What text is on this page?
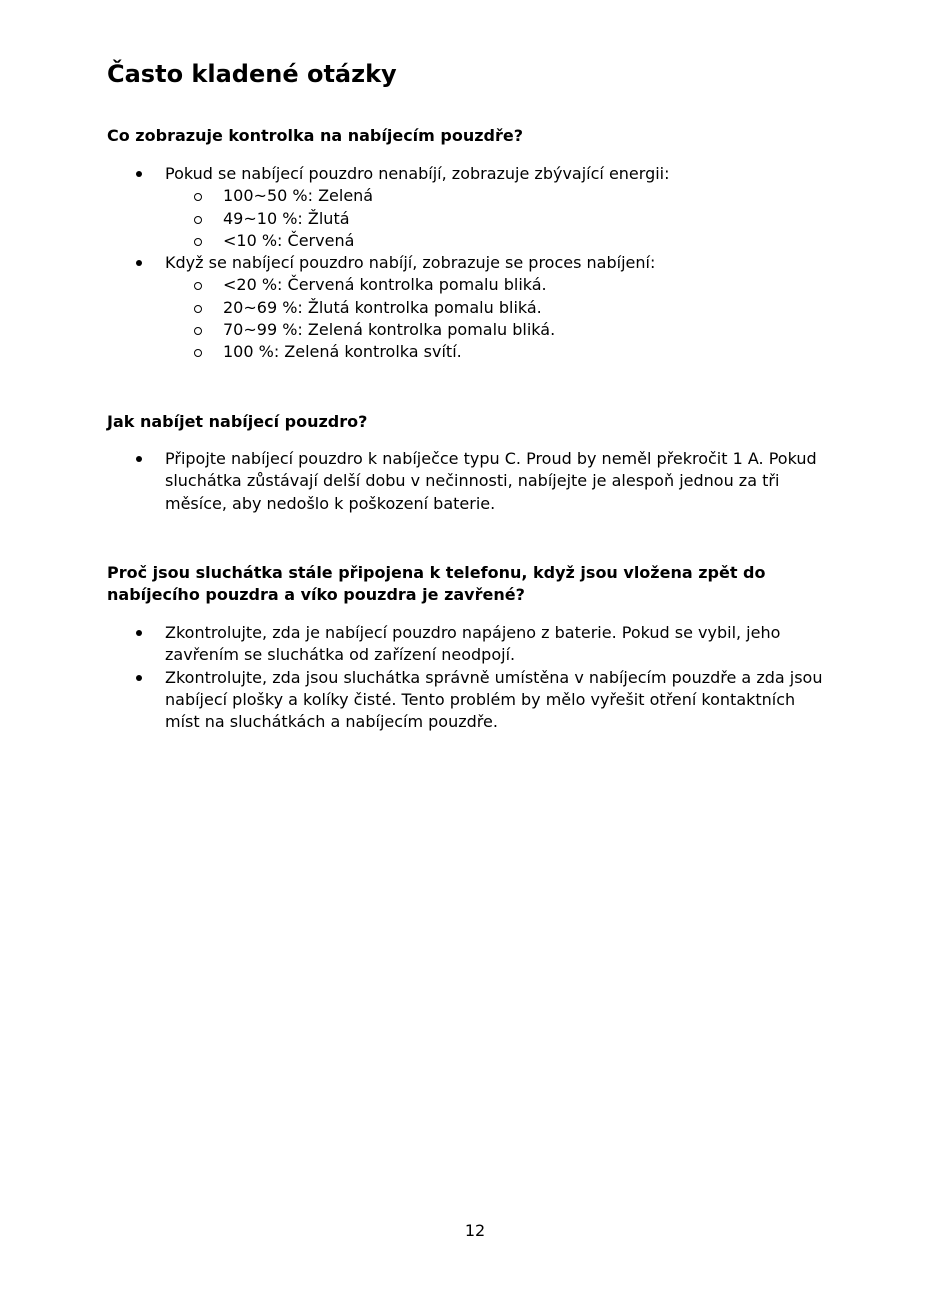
Často kladené otázky
Co zobrazuje kontrolka na nabíjecím pouzdře?
Pokud se nabíjecí pouzdro nenabíjí, zobrazuje zbývající energii:
100~50 %: Zelená
49~10 %: Žlutá
<10 %: Červená
Když se nabíjecí pouzdro nabíjí, zobrazuje se proces nabíjení:
<20 %: Červená kontrolka pomalu bliká.
20~69 %: Žlutá kontrolka pomalu bliká.
70~99 %: Zelená kontrolka pomalu bliká.
100 %: Zelená kontrolka svítí.
Jak nabíjet nabíjecí pouzdro?
Připojte nabíjecí pouzdro k nabíječce typu C. Proud by neměl překročit 1 A. Pokud sluchátka zůstávají delší dobu v nečinnosti, nabíjejte je alespoň jednou za tři měsíce, aby nedošlo k poškození baterie.
Proč jsou sluchátka stále připojena k telefonu, když jsou vložena zpět do nabíjecího pouzdra a víko pouzdra je zavřené?
Zkontrolujte, zda je nabíjecí pouzdro napájeno z baterie. Pokud se vybil, jeho zavřením se sluchátka od zařízení neodpojí.
Zkontrolujte, zda jsou sluchátka správně umístěna v nabíjecím pouzdře a zda jsou nabíjecí plošky a kolíky čisté. Tento problém by mělo vyřešit otření kontaktních míst na sluchátkách a nabíjecím pouzdře.
12
